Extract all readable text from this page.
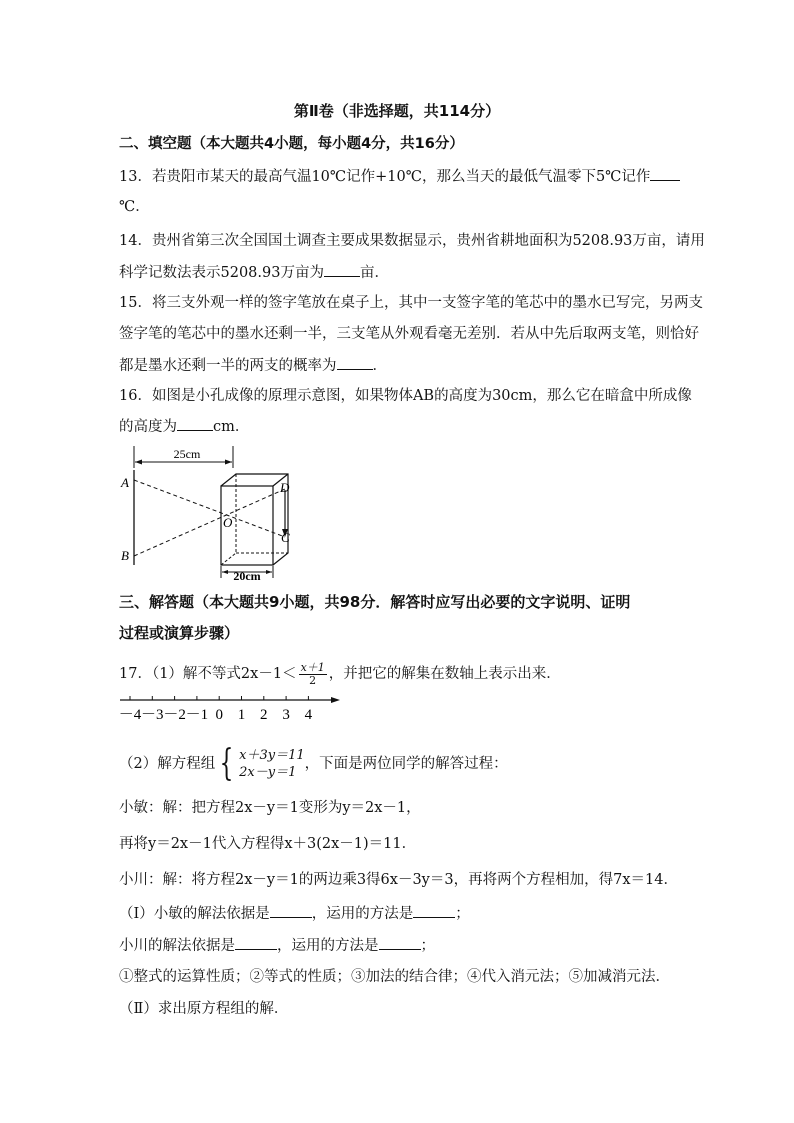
第Ⅱ卷（非选择题，共114分）
二、填空题（本大题共4小题，每小题4分，共16分）
13．若贵阳市某天的最高气温10℃记作+10℃，那么当天的最低气温零下5℃记作
℃．
14．贵州省第三次全国国土调查主要成果数据显示，贵州省耕地面积为5208.93万亩，请用
科学记数法表示5208.93万亩为 亩．
15．将三支外观一样的签字笔放在桌子上，其中一支签字笔的笔芯中的墨水已写完，另两支
签字笔的笔芯中的墨水还剩一半，三支笔从外观看毫无差别．若从中先后取两支笔，则恰好
都是墨水还剩一半的两支的概率为 ．
16．如图是小孔成像的原理示意图，如果物体AB的高度为30cm，那么它在暗盒中所成像
的高度为 cm．
25cm
A
B
D
C
O
20cm
三、解答题（本大题共9小题，共98分．解答时应写出必要的文字说明、证明
过程或演算步骤）
17．（1）解不等式$2x-1< \frac{x+1}{2}$ ，并把它的解集在数轴上表示出来．
－4 －3 －2 －1 0 1 2 3 4
（2）解方程组 { x＋3y＝11
2x－y＝1
，下面是两位同学的解答过程：
小敏：解：把方程2x－y＝1变形为y＝2x－1，
再将y＝2x－1代入方程得x＋3(2x－1)＝11．
小川：解：将方程2x－y＝1的两边乘3得6x－3y＝3，再将两个方程相加，得7x＝14．
（Ⅰ）小敏的解法依据是	，运用的方法是	；
小川的解法依据是	，运用的方法是	；
①整式的运算性质；②等式的性质；③加法的结合律；④代入消元法；⑤加减消元法．
（Ⅱ）求出原方程组的解．
